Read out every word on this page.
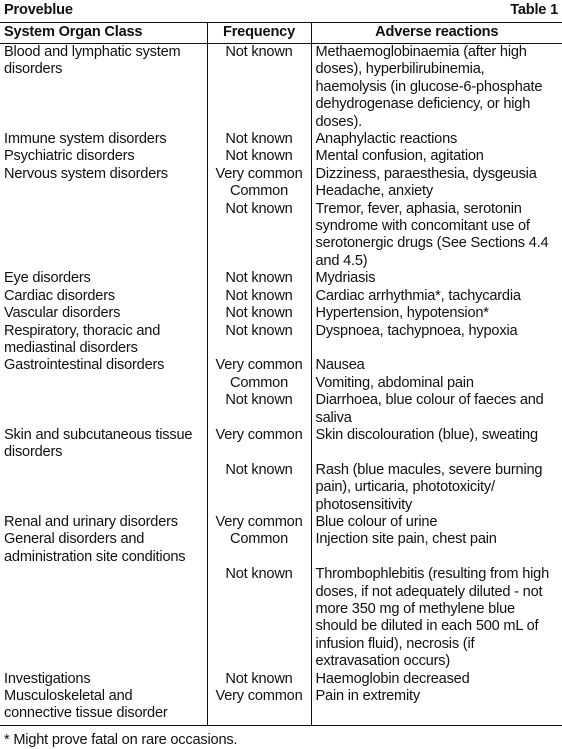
Proveblue	Table 1
System Organ Class	Frequency	Adverse reactions

Blood and lymphatic system disorders	Not known	Methaemoglobinaemia (after high doses), hyperbilirubinemia, haemolysis (in glucose-6-phosphate dehydrogenase deficiency, or high doses).
Immune system disorders	Not known	Anaphylactic reactions
Psychiatric disorders	Not known	Mental confusion, agitation
Nervous system disorders	Very common	Dizziness, paraesthesia, dysgeusia
	Common	Headache, anxiety
	Not known	Tremor, fever, aphasia, serotonin syndrome with concomitant use of serotonergic drugs (See Sections 4.4 and 4.5)
Eye disorders	Not known	Mydriasis
Cardiac disorders	Not known	Cardiac arrhythmia*, tachycardia
Vascular disorders	Not known	Hypertension, hypotension*
Respiratory, thoracic and mediastinal disorders	Not known	Dyspnoea, tachypnoea, hypoxia
Gastrointestinal disorders	Very common	Nausea
	Common	Vomiting, abdominal pain
	Not known	Diarrhoea, blue colour of faeces and saliva
Skin and subcutaneous tissue disorders	Very common	Skin discolouration (blue), sweating
	Not known	Rash (blue macules, severe burning pain), urticaria, phototoxicity/ photosensitivity
Renal and urinary disorders	Very common	Blue colour of urine
General disorders and administration site conditions	Common	Injection site pain, chest pain
	Not known	Thrombophlebitis (resulting from high doses, if not adequately diluted - not more 350 mg of methylene blue should be diluted in each 500 mL of infusion fluid), necrosis (if extravasation occurs)
Investigations	Not known	Haemoglobin decreased
Musculoskeletal and connective tissue disorder	Very common	Pain in extremity
* Might prove fatal on rare occasions.
